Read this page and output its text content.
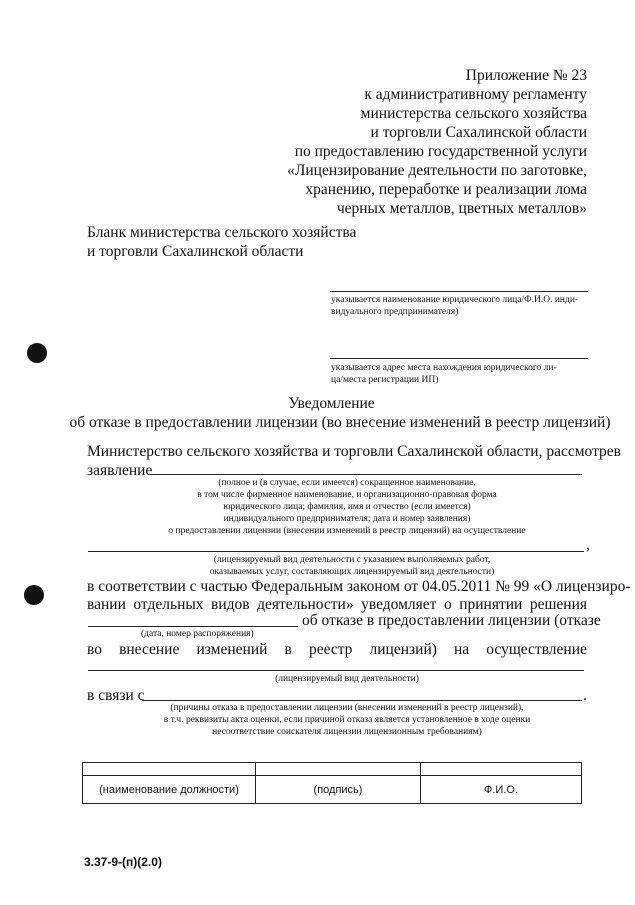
Приложение № 23
к административному регламенту
министерства сельского хозяйства
и торговли Сахалинской области
по предоставлению государственной услуги
«Лицензирование деятельности по заготовке,
хранению, переработке и реализации лома
черных металлов, цветных металлов»
Бланк министерства сельского хозяйства
и торговли Сахалинской области
указывается наименование юридического лица/Ф.И.О. инди-
видуального предпринимателя)
указывается адрес места нахождения юридического ли-
ца/места регистрации ИП)
Уведомление
об отказе в предоставлении лицензии (во внесение изменений в реестр лицензий)
Министерство сельского хозяйства и торговли Сахалинской области, рассмотрев
заявление
(полное и (в случае, если имеется) сокращенное наименование,
в том числе фирменное наименование, и организационно-правовая форма
юридического лица; фамилия, имя и отчество (если имеется)
индивидуального предпринимателя; дата и номер заявления)
о предоставлении лицензии (внесении изменений в реестр лицензий) на осуществление
,
(лицензируемый вид деятельности с указанием выполняемых работ,
оказываемых услуг, составляющих лицензируемый вид деятельности)
в соответствии с частью Федеральным законом от 04.05.2011 № 99 «О лицензиро-
вании отдельных видов деятельности» уведомляет о принятии решения
об отказе в предоставлении лицензии (отказе
(дата, номер распоряжения)
во внесение изменений в реестр лицензий) на осуществление
(лицензируемый вид деятельности)
в связи с	.
(причины отказа в предоставлении лицензии (внесении изменений в реестр лицензий),
в т.ч. реквизиты акта оценки, если причиной отказа является установленное в ходе оценки
несоответствие соискателя лицензии лицензионным требованиям)

(наименование должности)	(подпись)	Ф.И.О.
3.37-9-(п)(2.0)
